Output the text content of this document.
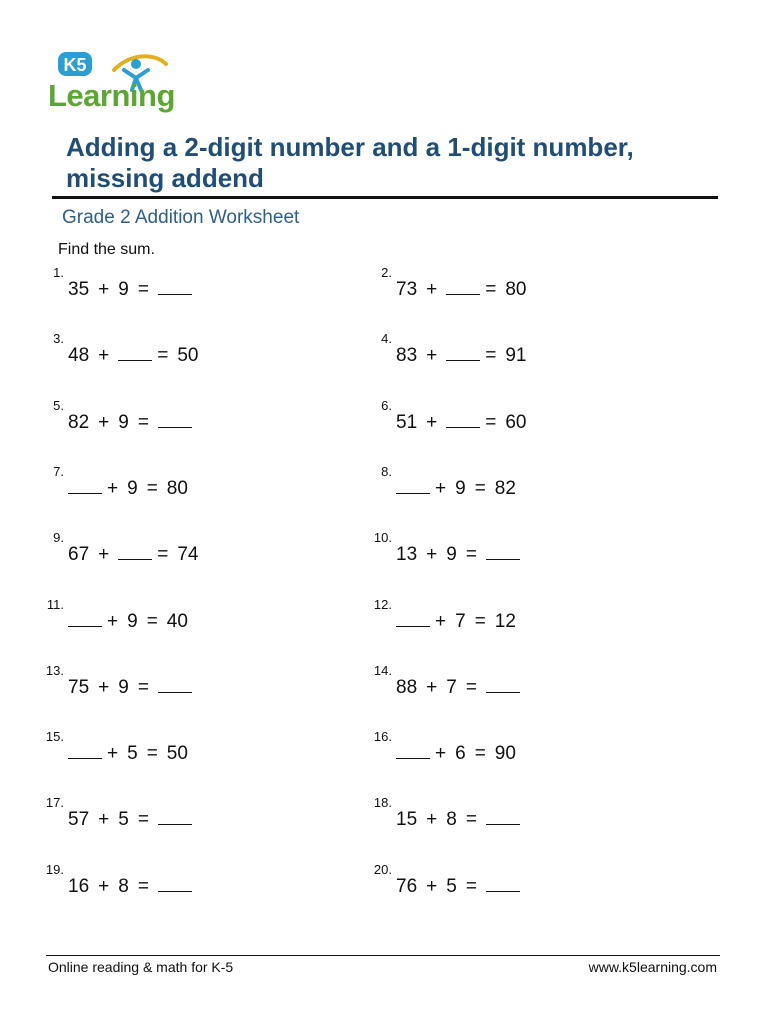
K5
Learning
Adding a 2-digit number and a 1-digit number, missing addend
Grade 2 Addition Worksheet
Find the sum.
1.
35 + 9 =
2.
73 +	= 80
3.
48 +	= 50
4.
83 +	= 91
5.
82 + 9 =
6.
51 +	= 60
7.
+ 9 = 80
8.
+ 9 = 82
9.
67 +	= 74
10.
13 + 9 =
11.
+ 9 = 40
12.
+ 7 = 12
13.
75 + 9 =
14.
88 + 7 =
15.
+ 5 = 50
16.
+ 6 = 90
17.
57 + 5 =
18.
15 + 8 =
19.
16 + 8 =
20.
76 + 5 =
Online reading & math for K-5	www.k5learning.com
